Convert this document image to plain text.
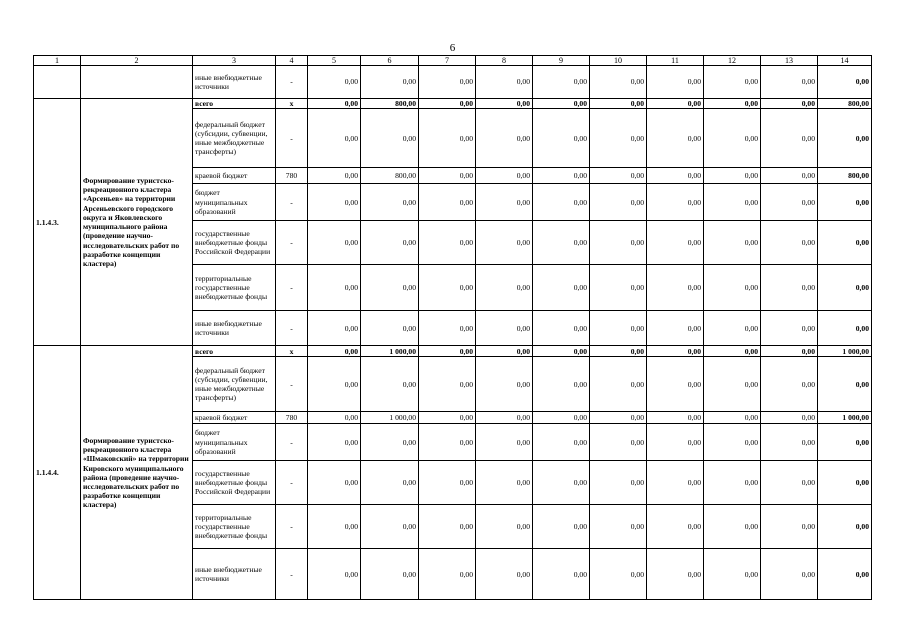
6
1	2	3	4	5	6	7	8	9	10	11	12	13	14
		иные внебюджетные источники	-	0,00	0,00	0,00	0,00	0,00	0,00	0,00	0,00	0,00	0,00
1.1.4.3.	Формирование туристско-рекреационного кластера «Арсеньев» на территории Арсеньевского городского округа и Яковлевского муниципального района (проведение научно-исследовательских работ по разработке концепции кластера)	всего	x	0,00	800,00	0,00	0,00	0,00	0,00	0,00	0,00	0,00	800,00
		федеральный бюджет (субсидии, субвенции, иные межбюджетные трансферты)	-	0,00	0,00	0,00	0,00	0,00	0,00	0,00	0,00	0,00	0,00
		краевой бюджет	780	0,00	800,00	0,00	0,00	0,00	0,00	0,00	0,00	0,00	800,00
		бюджет муниципальных образований	-	0,00	0,00	0,00	0,00	0,00	0,00	0,00	0,00	0,00	0,00
		государственные внебюджетные фонды Российской Федерации	-	0,00	0,00	0,00	0,00	0,00	0,00	0,00	0,00	0,00	0,00
		территориальные государственные внебюджетные фонды	-	0,00	0,00	0,00	0,00	0,00	0,00	0,00	0,00	0,00	0,00
		иные внебюджетные источники	-	0,00	0,00	0,00	0,00	0,00	0,00	0,00	0,00	0,00	0,00
1.1.4.4.	Формирование туристско-рекреационного кластера «Шмаковский» на территории Кировского муниципального района (проведение научно-исследовательских работ по разработке концепции кластера)	всего	x	0,00	1 000,00	0,00	0,00	0,00	0,00	0,00	0,00	0,00	1 000,00
		федеральный бюджет (субсидии, субвенции, иные межбюджетные трансферты)	-	0,00	0,00	0,00	0,00	0,00	0,00	0,00	0,00	0,00	0,00
		краевой бюджет	780	0,00	1 000,00	0,00	0,00	0,00	0,00	0,00	0,00	0,00	1 000,00
		бюджет муниципальных образований	-	0,00	0,00	0,00	0,00	0,00	0,00	0,00	0,00	0,00	0,00
		государственные внебюджетные фонды Российской Федерации	-	0,00	0,00	0,00	0,00	0,00	0,00	0,00	0,00	0,00	0,00
		территориальные государственные внебюджетные фонды	-	0,00	0,00	0,00	0,00	0,00	0,00	0,00	0,00	0,00	0,00
		иные внебюджетные источники	-	0,00	0,00	0,00	0,00	0,00	0,00	0,00	0,00	0,00	0,00
